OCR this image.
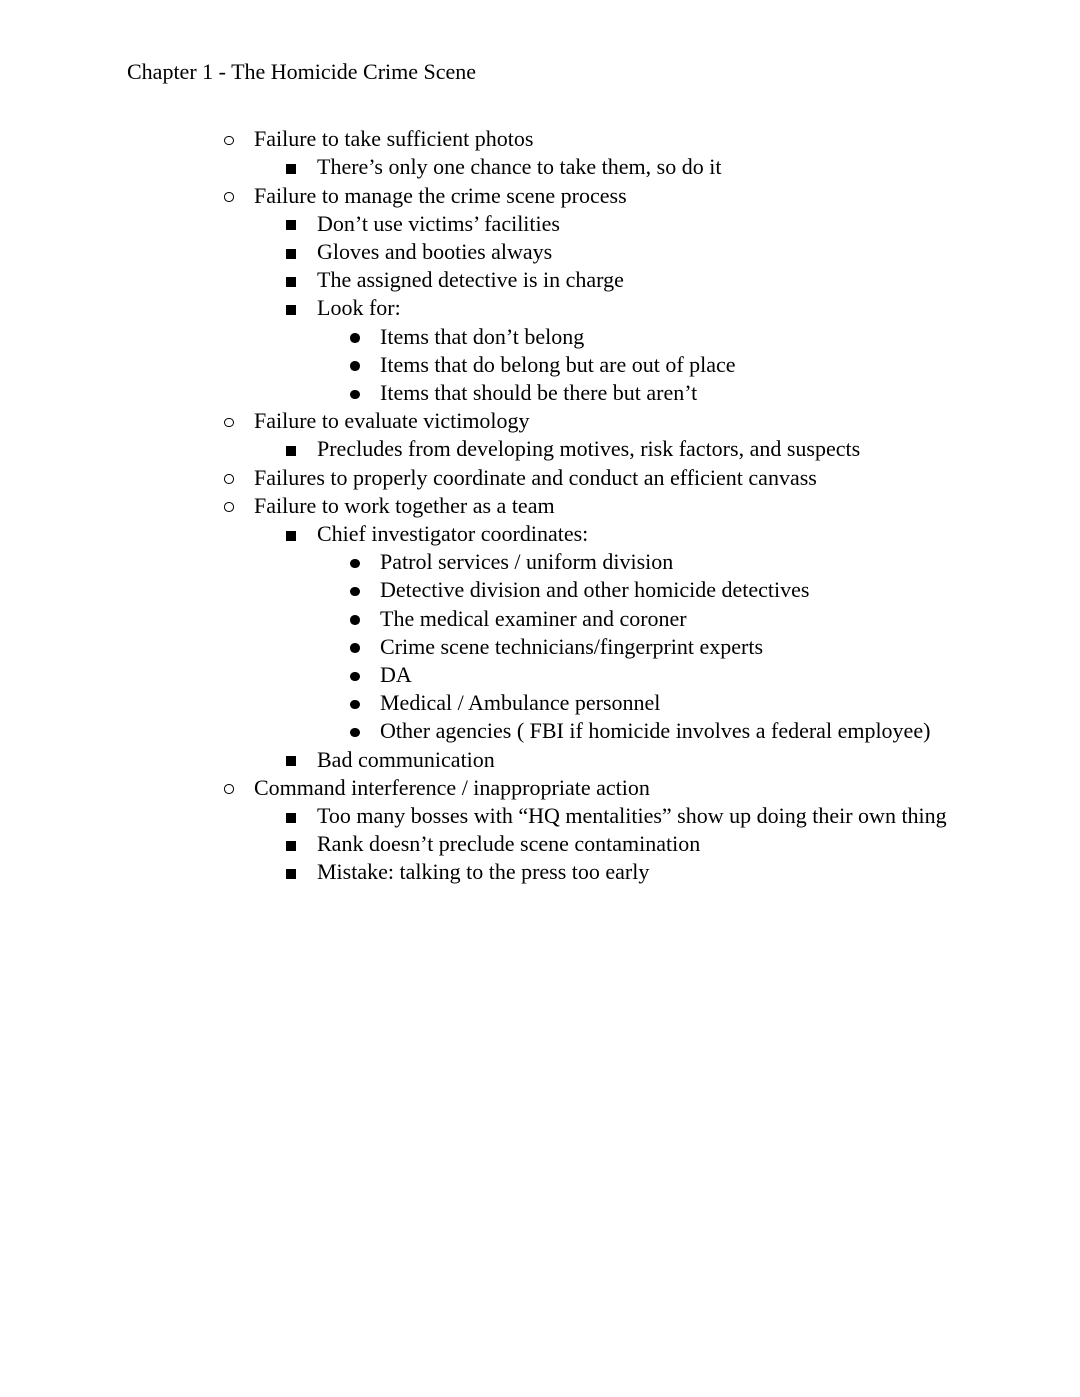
Chapter 1 - The Homicide Crime Scene
Failure to take sufficient photos
There’s only one chance to take them, so do it
Failure to manage the crime scene process
Don’t use victims’ facilities
Gloves and booties always
The assigned detective is in charge
Look for:
Items that don’t belong
Items that do belong but are out of place
Items that should be there but aren’t
Failure to evaluate victimology
Precludes from developing motives, risk factors, and suspects
Failures to properly coordinate and conduct an efficient canvass
Failure to work together as a team
Chief investigator coordinates:
Patrol services / uniform division
Detective division and other homicide detectives
The medical examiner and coroner
Crime scene technicians/fingerprint experts
DA
Medical / Ambulance personnel
Other agencies ( FBI if homicide involves a federal employee)
Bad communication
Command interference / inappropriate action
Too many bosses with “HQ mentalities” show up doing their own thing
Rank doesn’t preclude scene contamination
Mistake: talking to the press too early
